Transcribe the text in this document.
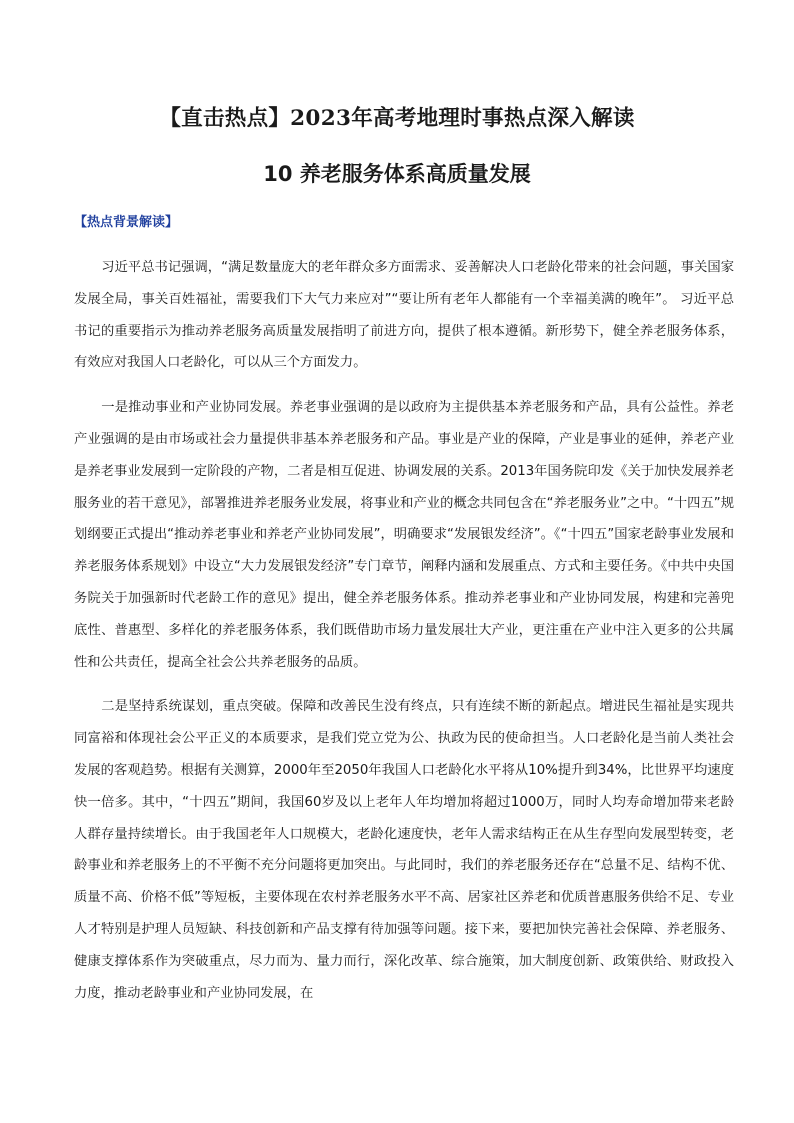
【直击热点】2023年高考地理时事热点深入解读
10 养老服务体系高质量发展
【热点背景解读】

习近平总书记强调，“满足数量庞大的老年群众多方面需求、妥善解决人口老龄化带来的社会问题，事关国家发展全局，事关百姓福祉，需要我们下大气力来应对”“要让所有老年人都能有一个幸福美满的晚年”。 习近平总书记的重要指示为推动养老服务高质量发展指明了前进方向，提供了根本遵循。新形势下，健全养老服务体系，有效应对我国人口老龄化，可以从三个方面发力。

一是推动事业和产业协同发展。养老事业强调的是以政府为主提供基本养老服务和产品，具有公益性。养老产业强调的是由市场或社会力量提供非基本养老服务和产品。事业是产业的保障，产业是事业的延伸，养老产业是养老事业发展到一定阶段的产物，二者是相互促进、协调发展的关系。2013年国务院印发《关于加快发展养老服务业的若干意见》，部署推进养老服务业发展，将事业和产业的概念共同包含在“养老服务业”之中。“十四五”规划纲要正式提出“推动养老事业和养老产业协同发展”，明确要求“发展银发经济”。《“十四五”国家老龄事业发展和养老服务体系规划》中设立“大力发展银发经济”专门章节，阐释内涵和发展重点、方式和主要任务。《中共中央国务院关于加强新时代老龄工作的意见》提出，健全养老服务体系。推动养老事业和产业协同发展，构建和完善兜底性、普惠型、多样化的养老服务体系，我们既借助市场力量发展壮大产业，更注重在产业中注入更多的公共属性和公共责任，提高全社会公共养老服务的品质。

二是坚持系统谋划，重点突破。保障和改善民生没有终点，只有连续不断的新起点。增进民生福祉是实现共同富裕和体现社会公平正义的本质要求，是我们党立党为公、执政为民的使命担当。人口老龄化是当前人类社会发展的客观趋势。根据有关测算，2000年至2050年我国人口老龄化水平将从10%提升到34%，比世界平均速度快一倍多。其中，“十四五”期间，我国60岁及以上老年人年均增加将超过1000万，同时人均寿命增加带来老龄人群存量持续增长。由于我国老年人口规模大，老龄化速度快，老年人需求结构正在从生存型向发展型转变，老龄事业和养老服务上的不平衡不充分问题将更加突出。与此同时，我们的养老服务还存在“总量不足、结构不优、质量不高、价格不低”等短板，主要体现在农村养老服务水平不高、居家社区养老和优质普惠服务供给不足、专业人才特别是护理人员短缺、科技创新和产品支撑有待加强等问题。接下来，要把加快完善社会保障、养老服务、健康支撑体系作为突破重点，尽力而为、量力而行，深化改革、综合施策，加大制度创新、政策供给、财政投入力度，推动老龄事业和产业协同发展，在
